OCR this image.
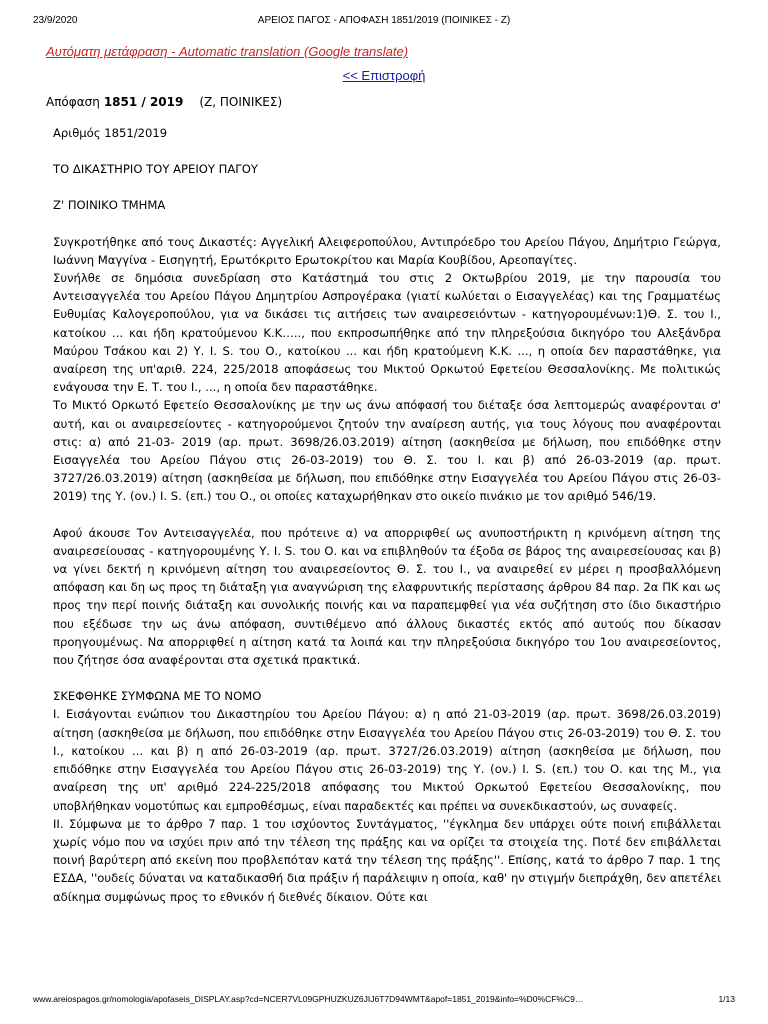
23/9/2020	ΑΡΕΙΟΣ ΠΑΓΟΣ - ΑΠΟΦΑΣΗ 1851/2019 (ΠΟΙΝΙΚΕΣ - Ζ)
Αυτόματη μετάφραση - Automatic translation (Google translate)
<< Επιστροφή
Απόφαση 1851 / 2019 (Ζ, ΠΟΙΝΙΚΕΣ)

Αριθμός 1851/2019

ΤΟ ΔΙΚΑΣΤΗΡΙΟ ΤΟΥ ΑΡΕΙΟΥ ΠΑΓΟΥ

Ζ' ΠΟΙΝΙΚΟ ΤΜΗΜΑ

Συγκροτήθηκε από τους Δικαστές: Αγγελική Αλειφεροπούλου, Αντιπρόεδρο του Αρείου Πάγου, Δημήτριο Γεώργα, Ιωάννη Μαγγίνα - Εισηγητή, Ερωτόκριτο Ερωτοκρίτου και Μαρία Κουβίδου, Αρεοπαγίτες.

Συνήλθε σε δημόσια συνεδρίαση στο Κατάστημά του στις 2 Οκτωβρίου 2019, με την παρουσία του Αντεισαγγελέα του Αρείου Πάγου Δημητρίου Ασπρογέρακα (γιατί κωλύεται ο Εισαγγελέας) και της Γραμματέως Ευθυμίας Καλογεροπούλου, για να δικάσει τις αιτήσεις των αναιρεσειόντων - κατηγορουμένων:1)Θ. Σ. του Ι., κατοίκου ... και ήδη κρατούμενου Κ.Κ….., που εκπροσωπήθηκε από την πληρεξούσια δικηγόρο του Αλεξάνδρα Μαύρου Τσάκου και 2) Υ. Ι. S. του Ο., κατοίκου ... και ήδη κρατούμενη Κ.Κ. ..., η οποία δεν παραστάθηκε, για αναίρεση της υπ'αριθ. 224, 225/2018 αποφάσεως του Μικτού Ορκωτού Εφετείου Θεσσαλονίκης. Με πολιτικώς ενάγουσα την Ε. Τ. του Ι., ..., η οποία δεν παραστάθηκε.

Το Μικτό Ορκωτό Εφετείο Θεσσαλονίκης με την ως άνω απόφασή του διέταξε όσα λεπτομερώς αναφέρονται σ' αυτή, και οι αναιρεσείοντες - κατηγορούμενοι ζητούν την αναίρεση αυτής, για τους λόγους που αναφέρονται στις: α) από 21-03- 2019 (αρ. πρωτ. 3698/26.03.2019) αίτηση (ασκηθείσα με δήλωση, που επιδόθηκε στην Εισαγγελέα του Αρείου Πάγου στις 26-03-2019) του Θ. Σ. του Ι. και β) από 26-03-2019 (αρ. πρωτ. 3727/26.03.2019) αίτηση (ασκηθείσα με δήλωση, που επιδόθηκε στην Εισαγγελέα του Αρείου Πάγου στις 26-03-2019) της Υ. (ον.) Ι. S. (επ.) του Ο., οι οποίες καταχωρήθηκαν στο οικείο πινάκιο με τον αριθμό 546/19.

Αφού άκουσε Τον Αντεισαγγελέα, που πρότεινε α) να απορριφθεί ως ανυποστήρικτη η κρινόμενη αίτηση της αναιρεσείουσας - κατηγορουμένης Υ. Ι. S. του Ο. και να επιβληθούν τα έξοδα σε βάρος της αναιρεσείουσας και β) να γίνει δεκτή η κρινόμενη αίτηση του αναιρεσείοντος Θ. Σ. του Ι., να αναιρεθεί εν μέρει η προσβαλλόμενη απόφαση και δη ως προς τη διάταξη για αναγνώριση της ελαφρυντικής περίστασης άρθρου 84 παρ. 2α ΠΚ και ως προς την περί ποινής διάταξη και συνολικής ποινής και να παραπεμφθεί για νέα συζήτηση στο ίδιο δικαστήριο που εξέδωσε την ως άνω απόφαση, συντιθέμενο από άλλους δικαστές εκτός από αυτούς που δίκασαν προηγουμένως. Να απορριφθεί η αίτηση κατά τα λοιπά και την πληρεξούσια δικηγόρο του 1ου αναιρεσείοντος, που ζήτησε όσα αναφέρονται στα σχετικά πρακτικά.

ΣΚΕΦΘΗΚΕ ΣΥΜΦΩΝΑ ΜΕ ΤΟ ΝΟΜΟ

Ι. Εισάγονται ενώπιον του Δικαστηρίου του Αρείου Πάγου: α) η από 21-03-2019 (αρ. πρωτ. 3698/26.03.2019) αίτηση (ασκηθείσα με δήλωση, που επιδόθηκε στην Εισαγγελέα του Αρείου Πάγου στις 26-03-2019) του Θ. Σ. του Ι., κατοίκου ... και β) η από 26-03-2019 (αρ. πρωτ. 3727/26.03.2019) αίτηση (ασκηθείσα με δήλωση, που επιδόθηκε στην Εισαγγελέα του Αρείου Πάγου στις 26-03-2019) της Υ. (ον.) Ι. S. (επ.) του Ο. και της Μ., για αναίρεση της υπ' αριθμό 224-225/2018 απόφασης του Μικτού Ορκωτού Εφετείου Θεσσαλονίκης, που υποβλήθηκαν νομοτύπως και εμπροθέσμως, είναι παραδεκτές και πρέπει να συνεκδικαστούν, ως συναφείς.

ΙΙ. Σύμφωνα με το άρθρο 7 παρ. 1 του ισχύοντος Συντάγματος, ''έγκλημα δεν υπάρχει ούτε ποινή επιβάλλεται χωρίς νόμο που να ισχύει πριν από την τέλεση της πράξης και να ορίζει τα στοιχεία της. Ποτέ δεν επιβάλλεται ποινή βαρύτερη από εκείνη που προβλεπόταν κατά την τέλεση της πράξης''. Επίσης, κατά το άρθρο 7 παρ. 1 της ΕΣΔΑ, ''ουδείς δύναται να καταδικασθή δια πράξιν ή παράλειψιν η οποία, καθ' ην στιγμήν διεπράχθη, δεν απετέλει αδίκημα συμφώνως προς το εθνικόν ή διεθνές δίκαιον. Ούτε και

www.areiospagos.gr/nomologia/apofaseis_DISPLAY.asp?cd=NCER7VL09GPHUZKUZ6JIJ6T7D94WMT&apof=1851_2019&info=%D0%CF%C9…	1/13
